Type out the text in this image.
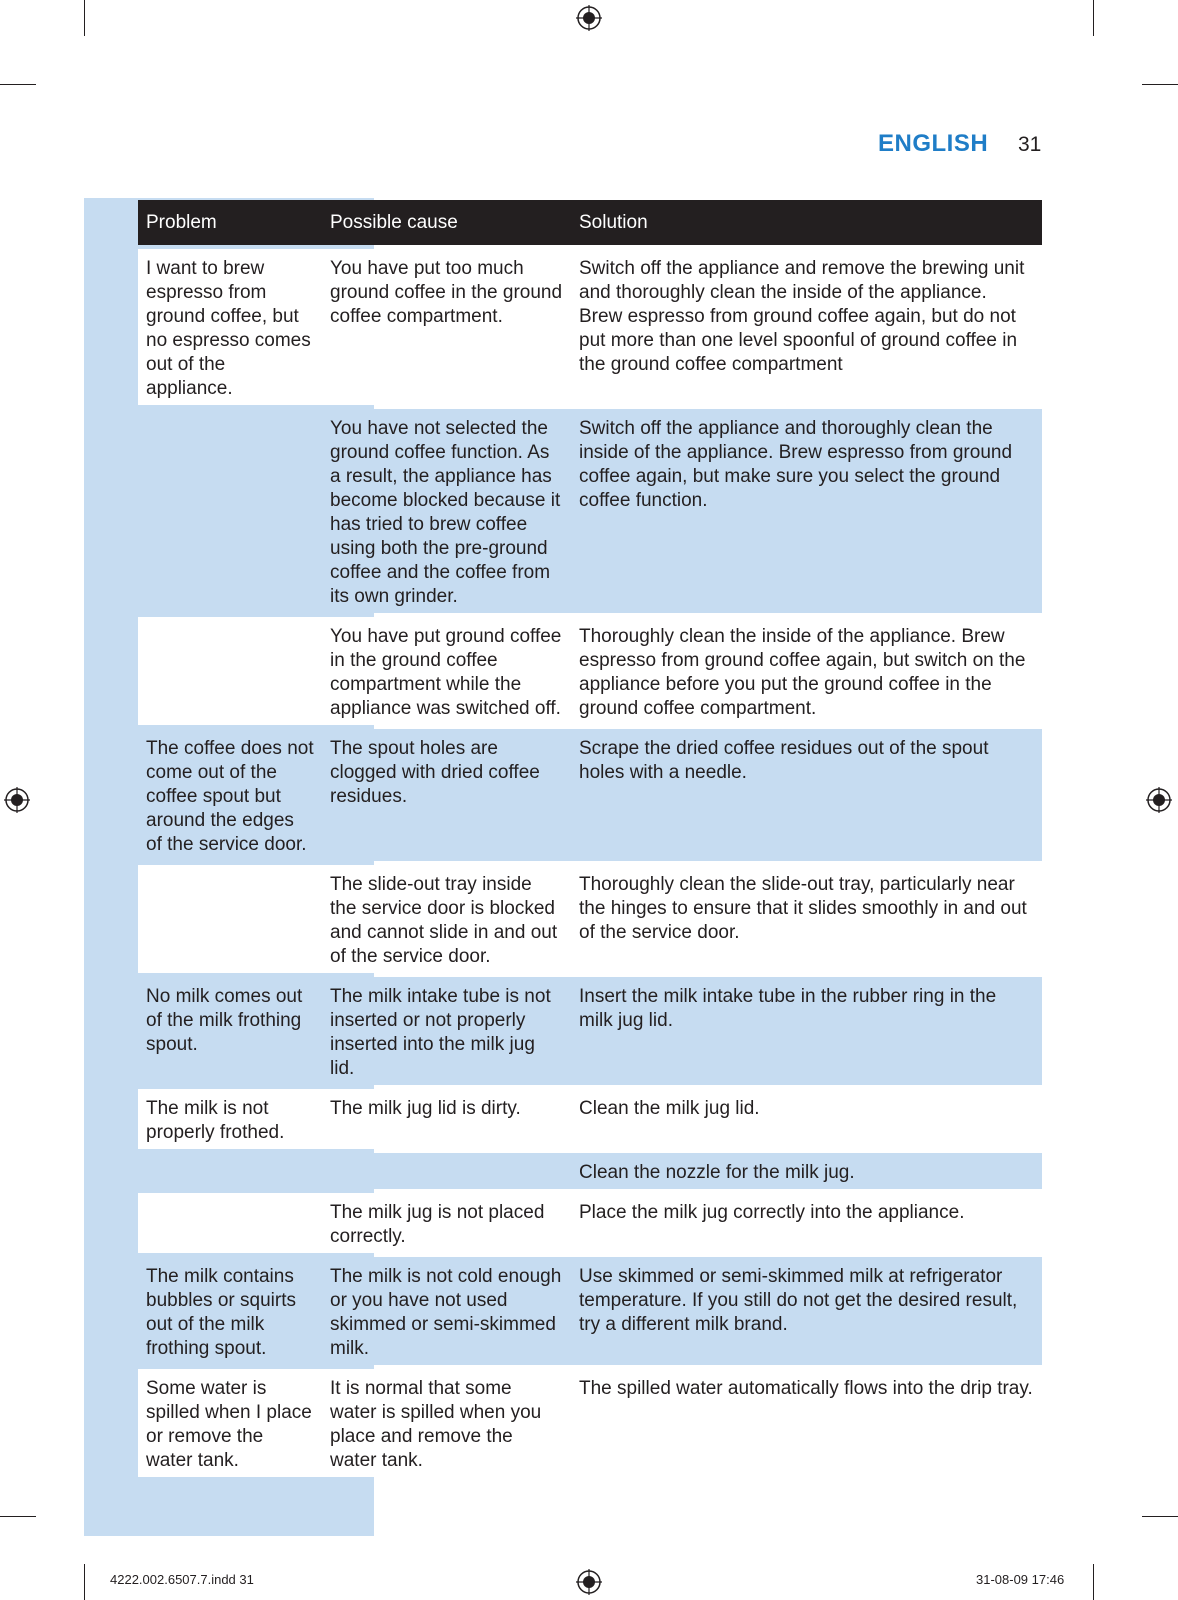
ENGLISH 31
Problem	Possible cause	Solution
I want to brew espresso from ground coffee, but no espresso comes out of the appliance.	You have put too much ground coffee in the ground coffee compartment.	Switch off the appliance and remove the brewing unit and thoroughly clean the inside of the appliance. Brew espresso from ground coffee again, but do not put more than one level spoonful of ground coffee in the ground coffee compartment
	You have not selected the ground coffee function. As a result, the appliance has become blocked because it has tried to brew coffee using both the pre-ground coffee and the coffee from its own grinder.	Switch off the appliance and thoroughly clean the inside of the appliance. Brew espresso from ground coffee again, but make sure you select the ground coffee function.
	You have put ground coffee in the ground coffee compartment while the appliance was switched off.	Thoroughly clean the inside of the appliance. Brew espresso from ground coffee again, but switch on the appliance before you put the ground coffee in the ground coffee compartment.
The coffee does not come out of the coffee spout but around the edges of the service door.	The spout holes are clogged with dried coffee residues.	Scrape the dried coffee residues out of the spout holes with a needle.
	The slide-out tray inside the service door is blocked and cannot slide in and out of the service door.	Thoroughly clean the slide-out tray, particularly near the hinges to ensure that it slides smoothly in and out of the service door.
No milk comes out of the milk frothing spout.	The milk intake tube is not inserted or not properly inserted into the milk jug lid.	Insert the milk intake tube in the rubber ring in the milk jug lid.
The milk is not properly frothed.	The milk jug lid is dirty.	Clean the milk jug lid.
		Clean the nozzle for the milk jug.
	The milk jug is not placed correctly.	Place the milk jug correctly into the appliance.
The milk contains bubbles or squirts out of the milk frothing spout.	The milk is not cold enough or you have not used skimmed or semi-skimmed milk.	Use skimmed or semi-skimmed milk at refrigerator temperature. If you still do not get the desired result, try a different milk brand.
Some water is spilled when I place or remove the water tank.	It is normal that some water is spilled when you place and remove the water tank.	The spilled water automatically flows into the drip tray.
4222.002.6507.7.indd 31	31-08-09 17:46
